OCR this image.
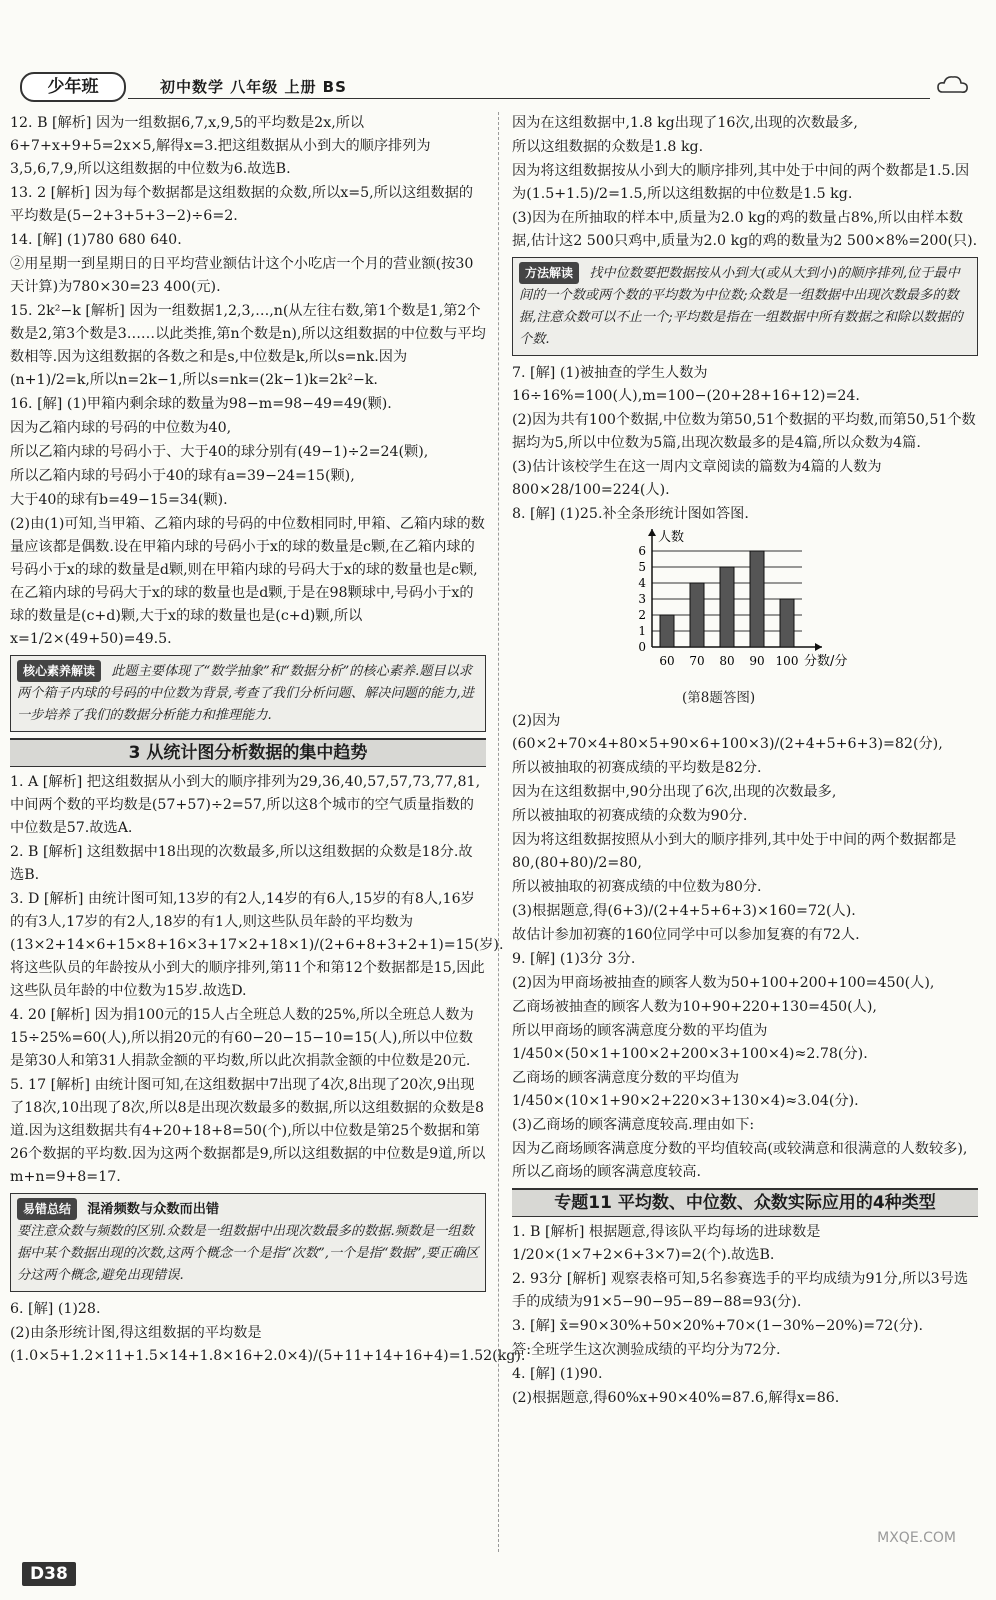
少年班	初中数学 八年级 上册 BS

12. B [解析] 因为一组数据6,7,x,9,5的平均数是2x,所以6+7+x+9+5=2x×5,解得x=3.把这组数据从小到大的顺序排列为3,5,6,7,9,所以这组数据的中位数为6.故选B.

13. 2 [解析] 因为每个数据都是这组数据的众数,所以x=5,所以这组数据的平均数是(5−2+3+5+3−2)÷6=2.

14. [解] (1)780 680 640.

②用星期一到星期日的日平均营业额估计这个小吃店一个月的营业额(按30天计算)为780×30=23 400(元).

15. 2k²−k [解析] 因为一组数据1,2,3,…,n(从左往右数,第1个数是1,第2个数是2,第3个数是3……以此类推,第n个数是n),所以这组数据的中位数与平均数相等.因为这组数据的各数之和是s,中位数是k,所以s=nk.因为(n+1)/2=k,所以n=2k−1,所以s=nk=(2k−1)k=2k²−k.

16. [解] (1)甲箱内剩余球的数量为98−m=98−49=49(颗).

因为乙箱内球的号码的中位数为40,

所以乙箱内球的号码小于、大于40的球分别有(49−1)÷2=24(颗),

所以乙箱内球的号码小于40的球有a=39−24=15(颗),

大于40的球有b=49−15=34(颗).

(2)由(1)可知,当甲箱、乙箱内球的号码的中位数相同时,甲箱、乙箱内球的数量应该都是偶数.设在甲箱内球的号码小于x的球的数量是c颗,在乙箱内球的号码小于x的球的数量是d颗,则在甲箱内球的号码大于x的球的数量也是c颗,在乙箱内球的号码大于x的球的数量也是d颗,于是在98颗球中,号码小于x的球的数量是(c+d)颗,大于x的球的数量也是(c+d)颗,所以x=1/2×(49+50)=49.5.

核心素养解读 此题主要体现了“数学抽象”和“数据分析”的核心素养.题目以求两个箱子内球的号码的中位数为背景,考查了我们分析问题、解决问题的能力,进一步培养了我们的数据分析能力和推理能力.
3 从统计图分析数据的集中趋势

1. A [解析] 把这组数据从小到大的顺序排列为29,36,40,57,57,73,77,81,中间两个数的平均数是(57+57)÷2=57,所以这8个城市的空气质量指数的中位数是57.故选A.

2. B [解析] 这组数据中18出现的次数最多,所以这组数据的众数是18分.故选B.

3. D [解析] 由统计图可知,13岁的有2人,14岁的有6人,15岁的有8人,16岁的有3人,17岁的有2人,18岁的有1人,则这些队员年龄的平均数为(13×2+14×6+15×8+16×3+17×2+18×1)/(2+6+8+3+2+1)=15(岁).将这些队员的年龄按从小到大的顺序排列,第11个和第12个数据都是15,因此这些队员年龄的中位数为15岁.故选D.

4. 20 [解析] 因为捐100元的15人占全班总人数的25%,所以全班总人数为15÷25%=60(人),所以捐20元的有60−20−15−10=15(人),所以中位数是第30人和第31人捐款金额的平均数,所以此次捐款金额的中位数是20元.

5. 17 [解析] 由统计图可知,在这组数据中7出现了4次,8出现了20次,9出现了18次,10出现了8次,所以8是出现次数最多的数据,所以这组数据的众数是8道.因为这组数据共有4+20+18+8=50(个),所以中位数是第25个数据和第26个数据的平均数.因为这两个数据都是9,所以这组数据的中位数是9道,所以m+n=9+8=17.

易错总结 混淆频数与众数而出错
要注意众数与频数的区别.众数是一组数据中出现次数最多的数据.频数是一组数据中某个数据出现的次数,这两个概念一个是指“次数”,一个是指“数据”,要正确区分这两个概念,避免出现错误.

6. [解] (1)28.

(2)由条形统计图,得这组数据的平均数是(1.0×5+1.2×11+1.5×14+1.8×16+2.0×4)/(5+11+14+16+4)=1.52(kg).

因为在这组数据中,1.8 kg出现了16次,出现的次数最多,

所以这组数据的众数是1.8 kg.

因为将这组数据按从小到大的顺序排列,其中处于中间的两个数都是1.5.因为(1.5+1.5)/2=1.5,所以这组数据的中位数是1.5 kg.

(3)因为在所抽取的样本中,质量为2.0 kg的鸡的数量占8%,所以由样本数据,估计这2 500只鸡中,质量为2.0 kg的鸡的数量为2 500×8%=200(只).

方法解读 找中位数要把数据按从小到大(或从大到小)的顺序排列,位于最中间的一个数或两个数的平均数为中位数;众数是一组数据中出现次数最多的数据,注意众数可以不止一个;平均数是指在一组数据中所有数据之和除以数据的个数.

7. [解] (1)被抽查的学生人数为16÷16%=100(人),m=100−(20+28+16+12)=24.

(2)因为共有100个数据,中位数为第50,51个数据的平均数,而第50,51个数据均为5,所以中位数为5篇,出现次数最多的是4篇,所以众数为4篇.

(3)估计该校学生在这一周内文章阅读的篇数为4篇的人数为800×28/100=224(人).

8. [解] (1)25.补全条形统计图如答图.

0
1
2
3
4
5
6
人数
分数/分
60 70 80 90 100
(第8题答图)

(2)因为(60×2+70×4+80×5+90×6+100×3)/(2+4+5+6+3)=82(分),

所以被抽取的初赛成绩的平均数是82分.

因为在这组数据中,90分出现了6次,出现的次数最多,

所以被抽取的初赛成绩的众数为90分.

因为将这组数据按照从小到大的顺序排列,其中处于中间的两个数据都是80,(80+80)/2=80,

所以被抽取的初赛成绩的中位数为80分.

(3)根据题意,得(6+3)/(2+4+5+6+3)×160=72(人).

故估计参加初赛的160位同学中可以参加复赛的有72人.

9. [解] (1)3分 3分.

(2)因为甲商场被抽查的顾客人数为50+100+200+100=450(人),

乙商场被抽查的顾客人数为10+90+220+130=450(人),

所以甲商场的顾客满意度分数的平均值为1/450×(50×1+100×2+200×3+100×4)≈2.78(分).

乙商场的顾客满意度分数的平均值为1/450×(10×1+90×2+220×3+130×4)≈3.04(分).

(3)乙商场的顾客满意度较高.理由如下:

因为乙商场顾客满意度分数的平均值较高(或较满意和很满意的人数较多),所以乙商场的顾客满意度较高.

专题11 平均数、中位数、众数实际应用的4种类型

1. B [解析] 根据题意,得该队平均每场的进球数是1/20×(1×7+2×6+3×7)=2(个).故选B.

2. 93分 [解析] 观察表格可知,5名参赛选手的平均成绩为91分,所以3号选手的成绩为91×5−90−95−89−88=93(分).

3. [解] x̄=90×30%+50×20%+70×(1−30%−20%)=72(分).

答:全班学生这次测验成绩的平均分为72分.

4. [解] (1)90.

(2)根据题意,得60%x+90×40%=87.6,解得x=86.

D38
MXQE.COM
